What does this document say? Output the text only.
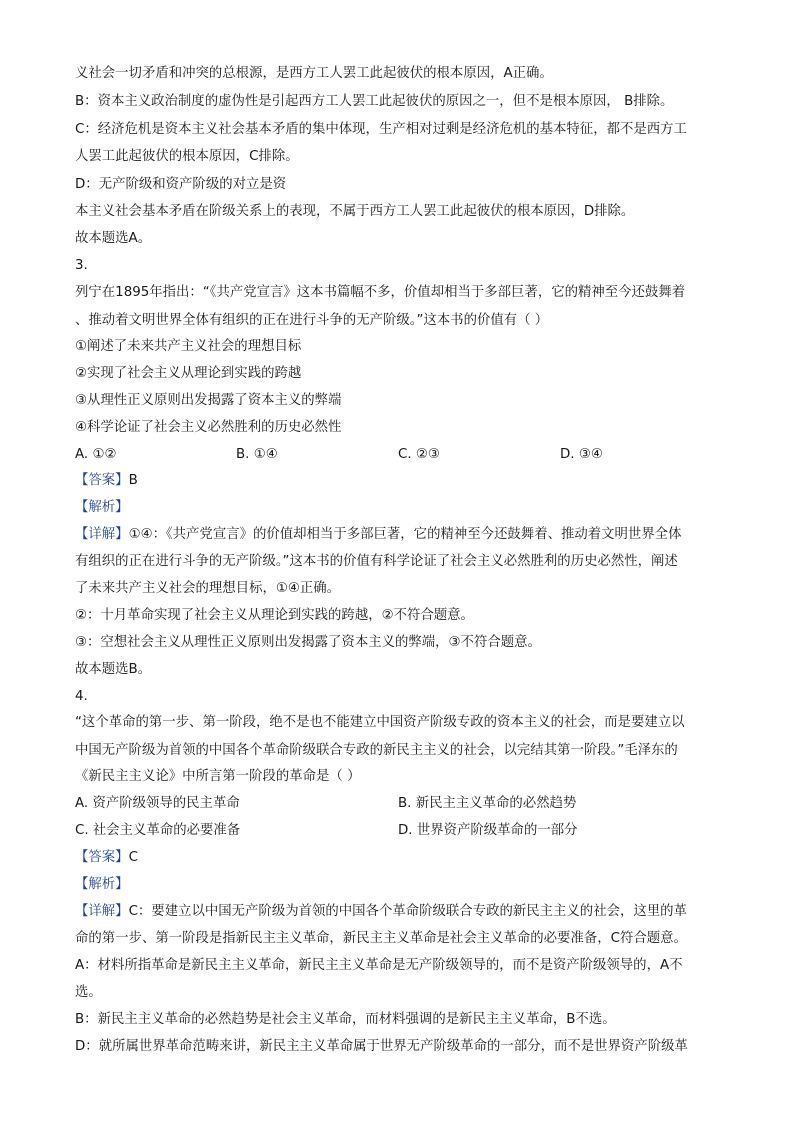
义社会一切矛盾和冲突的总根源，是西方工人罢工此起彼伏的根本原因，A正确。
B：资本主义政治制度的虚伪性是引起西方工人罢工此起彼伏的原因之一，但不是根本原因， B排除。
C：经济危机是资本主义社会基本矛盾的集中体现，生产相对过剩是经济危机的基本特征，都不是西方工
人罢工此起彼伏的根本原因，C排除。
D：无产阶级和资产阶级的对立是资
本主义社会基本矛盾在阶级关系上的表现，不属于西方工人罢工此起彼伏的根本原因，D排除。
故本题选A。
3.
列宁在1895年指出：“《共产党宣言》这本书篇幅不多，价值却相当于多部巨著，它的精神至今还鼓舞着
、推动着文明世界全体有组织的正在进行斗争的无产阶级。”这本书的价值有（ ）
①阐述了未来共产主义社会的理想目标
②实现了社会主义从理论到实践的跨越
③从理性正义原则出发揭露了资本主义的弊端
④科学论证了社会主义必然胜利的历史必然性
A. ①②	B. ①④	C. ②③	D. ③④
【答案】B
【解析】
【详解】①④：《共产党宣言》的价值却相当于多部巨著，它的精神至今还鼓舞着、推动着文明世界全体
有组织的正在进行斗争的无产阶级。”这本书的价值有科学论证了社会主义必然胜利的历史必然性，阐述
了未来共产主义社会的理想目标，①④正确。
②：十月革命实现了社会主义从理论到实践的跨越，②不符合题意。
③：空想社会主义从理性正义原则出发揭露了资本主义的弊端，③不符合题意。
故本题选B。
4.
“这个革命的第一步、第一阶段，绝不是也不能建立中国资产阶级专政的资本主义的社会，而是要建立以
中国无产阶级为首领的中国各个革命阶级联合专政的新民主主义的社会，以完结其第一阶段。”毛泽东的
《新民主主义论》中所言第一阶段的革命是（ ）
A. 资产阶级领导的民主革命	B. 新民主主义革命的必然趋势
C. 社会主义革命的必要准备	D. 世界资产阶级革命的一部分
【答案】C
【解析】
【详解】C：要建立以中国无产阶级为首领的中国各个革命阶级联合专政的新民主主义的社会，这里的革
命的第一步、第一阶段是指新民主主义革命，新民主主义革命是社会主义革命的必要准备，C符合题意。
A：材料所指革命是新民主主义革命，新民主主义革命是无产阶级领导的，而不是资产阶级领导的，A不
选。
B：新民主主义革命的必然趋势是社会主义革命，而材料强调的是新民主主义革命，B不选。
D：就所属世界革命范畴来讲，新民主主义革命属于世界无产阶级革命的一部分，而不是世界资产阶级革
